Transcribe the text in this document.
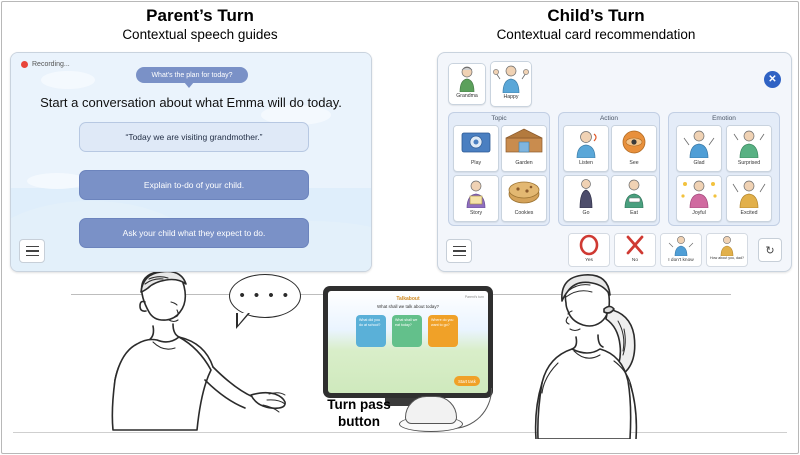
Parent’s Turn
Contextual speech guides
Child’s Turn
Contextual card recommendation
Recording...
What's the plan for today?
Start a conversation about what Emma will do today.
“Today we are visiting grandmother.”
Explain to-do of your child.
Ask your child what they expect to do.
Grandma	Happy
✕
Topic
Play	Garden
Story	Cookies
Action
Listen	See
Go	Eat
Emotion
Glad	Surprised
Joyful	Excited
Yes	No	I don't know	How about you, dad?
↻
• • • •	Parent’s turn
Talkabout
What shall we talk about today?
What did you do at school?
What shall we eat today?
Where do you want to go?
Start task
Turn pass
button
